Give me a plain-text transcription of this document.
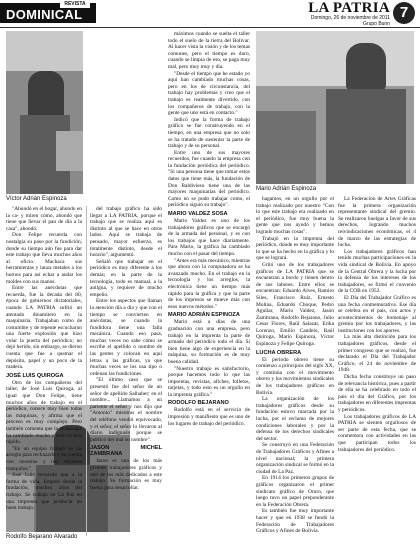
REVISTA
DOMINICAL	LA PATRIA
Domingo, 26 de noviembre de 2011
Grupo Bunn
7
Víctor Adrián Espinoza
Mario Adrián Espinoza
Rodolfo Bejarano Alvarado

"Ahondó en el bogar, ahondo en la ca- y miren cómo, ahondó que tiene que llevar el pan de día a la casa", ahondó.

Don Felipe recuerda con nostalgia su paso por la fundición, donde su tiempo aún fue para dar este trabajo que lleva muchos años al oficio. Machaca sus herramientas y lanza metales a los hornos para así echar a andar los moldes con sus manos.

Entre las anécdotas que recuerda, fue la década del 80, época de gobiernos dictatoriales, cuando LA PATRIA sufrió un atentado dinamitero en la maquinaria. Trabajaban como de costumbre y de repente escucharon una fuerte explosión que hizo volar la puerta del periódico; no dejó herido, sin embargo, se dieron cuenta que fue a quemar el depósito, papel y un poco de la madera.

JOSÉ LUIS QUIROGA

Otro de los compañeros del taller, de José Luis Quiroga, al igual que Don Felipe, tiene muchos años de trabajo en el periódico, conoce muy bien todas las máquinas, y afirma que el proceso es muy complejo. Pero también comenta que la tecnología ha cambiado mucho y todo es más rápido.

"En un equipo trabajo se las arregla para rechazarlo y en cuenta con nosotros y nos dejamos tranquilos."

José Luis recuerda que a la forma de vida, Emprés desde la fundación, muchos años del trabajo. Se trabaja en La Paz en una imprenta que producía un buen trabajo.

del trabajo gráfico ha sido llegar a LA PATRIA, porque el trabajo que se realiza aquí es distinto al que se hace en otros lados. Aquí se trabaja de pensado, mayor esfuerzo, es totalmente distinto, desde el horario", argumentó.

Señaló que trabajar en el periódico es muy diferente a los demás; en la parte de la tecnología, todo es manual, a la antigua, y requiere de mucho empeño.

Entre los aspectos que llaman la atención día a día y que con el tiempo se convierten en anécdotas, se cuando la fundidora tiene una falla mecánica. Cuando eso pasa, muchas veces no sabe cómo se escribe el apellido o nombre de las gentes y colocan en aquí letras a las gráficas, ya que muchas veces se los usa tipo o ordenan las fundiciones.

"El último caso que se presentó fue del señor de un señor de apellido Salhaber; en el nombre... Llamamos a un pariente el señor y nos dijo que "Antonio" mientras el nombre del teléfono vendió equivocado, y el señor, el señor lo llevaron al diario indignado porque se publicó del mal su nombre".

JASON MICHEL ZAMBRANA

Jason es uno de los más jóvenes trabajadores gráficos y uno de los más dedicados a este trabajo. Su formación es muy buena para desarrollar.

máximos cuando se suelta el taller todo el suelo de la tierra del Bolívar. Al hacer vista la visión y de los temas comunes, pero el tiempo es duro, cuando se limpia de eso, se paga muy mal, pero muy muy y día.

"Desde el tiempo que he estado yo aquí han cambiado muchas cosas, pero en los de circunstancia, del trabajo hay problemas y creo que el trabajo es realmente divertido, con los compañeros de trabajo, con la gente que uno está en contacto."

Indicó que la forma de trabajo gráfico se fue construyendo en el tiempo, en una empresa que no solo se ha tratado de sustentar la parte de trabajo y de su personal.

Entre uno de sus mayores recuerdos, fue cuando la empresa con la fundación periódica del periódico. "Si una persona tiene que tomar estos datos que tiene más, la fundación de Don Baldivieso tiene una de las mayores maquinarias del periódico. Como no se pudo trabajar como, el periódico siguió su trabajo".

MARIO VALDEZ SOSA

Mario Valdez es uno de los trabajadores gráficos que se encargó de la armada del personal, y es con los trabajos que hace diariamente. Para Mario, la gráfica ha cambiado mucho con el pasar del tiempo.

"Antes era más mecánico, mientras que ahora con la computadora se ha avanzado mucho. En el trabajo en la tecnología y los arreglos, la electrónica tiene un tiempo más rápido para la gráfica y que la parte de los impresos se mueve más con esos nuevos métodos."

MARIO ADRIÁN ESPINOZA

Mario está a días de una graduación con una empresa, pero trabajó en la imprenta la parte de armado del periódico todo el día. Si bien tiene algo de experiencia en la máquina, su formación es de muy buena calidad.

"Nuestro trabajo es satisfactorio, porque hacemos todo lo que las imprentas, revistas, afiches, folletos, tarjetas, y todo esto es un orgullo en la imprenta gráfica."

RODOLFO BEJARANO

Rodolfo está en el servicio de impresión y manifiesto que es uno de los lugares de trabajo del periódico.

hagamos, en un orgullo por el trabajo realizado por nuestro "Con lo que este trabajo era realizado en el periódico, fue muy buena la gente que nos ayudó y hemos logrado muchas cosas".

Trabajó en la imprenta del periódico, donde es muy importante lo que se ha hecho en la gráfica y lo que se logrará.

Gritó uno de los trabajadores gráficos de LA PATRIA que se encuentran a bordo y tienen dentro de sus labores. Entre ellos se encuentran: Eduardo Alves, Ramiro Siles, Francisco Ruiz, Ernesto Molina, Eduardo Choque, Pedro Aguilar, Mario Valdez, Jason Zambrana, Rodolfo Bejarano, Julio Cesar Flores, Raúl Salazar, Erika Lorenzo, Emilio Candelo, Raúl Quiroga, Mario Espinoza, Víctor Espinoza y Felipe Quiroga.

LUCHA OBRERA

El periodo obrero tiene su comienzo a principios del siglo XX, y continúa con el movimiento obrero y los movimientos sindicales de los trabajadores gráficos en Bolivia.

La organización de los trabajadores gráficos desde su fundación estuvo marcada por la lucha, por el reclamo de mejores condiciones laborales y por la defensa de los derechos sindicales del sector.

Se construyó en una Federación de Trabajadores Gráficos y Afines a nivel nacional; la primera organización sindical se formó en la ciudad de La Paz.

En 1914 los primeros grupos de gráficos organizaron el primer sindicato gráfico de Oruro, que luego tuvo un papel preponderante en la Federación Obrera.

Es también fue muy importante hacer y que en 1938 se fundó la Federación de Trabajadores Gráficos y Afines de Bolivia.

La Federación de Artes Gráficas fue la primera organización representante sindical del gremio. Se realizaron huelgas a favor de sus derechos, logrando muchos reivindicaciones económicas, el 4 de marzo de las estrategias de lucha.

Los trabajadores gráficos han tenido muchas participaciones en la vida sindical de Bolivia. En apoyo de la Central Obrera y la lucha por la defensa de los intereses de los trabajadores, se firmó el convenio de la COB en 1952.

El Día del Trabajador Gráfico es una fecha conmemorativa. Ese día se celebra en el país, con actos y acontecimientos de homenaje al gremio por los trabajadores, y las instituciones con los aportes.

La más alta distinción para los trabajadores gráficos, desde el primer congreso que se realizó, fue declarado el Día del Trabajador Gráfico, el 24 de noviembre de 1948.

Dicha fecha constituye un paso de relevancia histórica, pues a partir de ella se ha celebrado en todo el país el día del Gráfico, por los trabajadores en diferentes imprentas y periódicos.

Los trabajadores gráficos de LA PATRIA se sienten orgullosos de ser parte de esta fecha, que se conmemora con actividades en las que participan todos los trabajadores del periódico.
